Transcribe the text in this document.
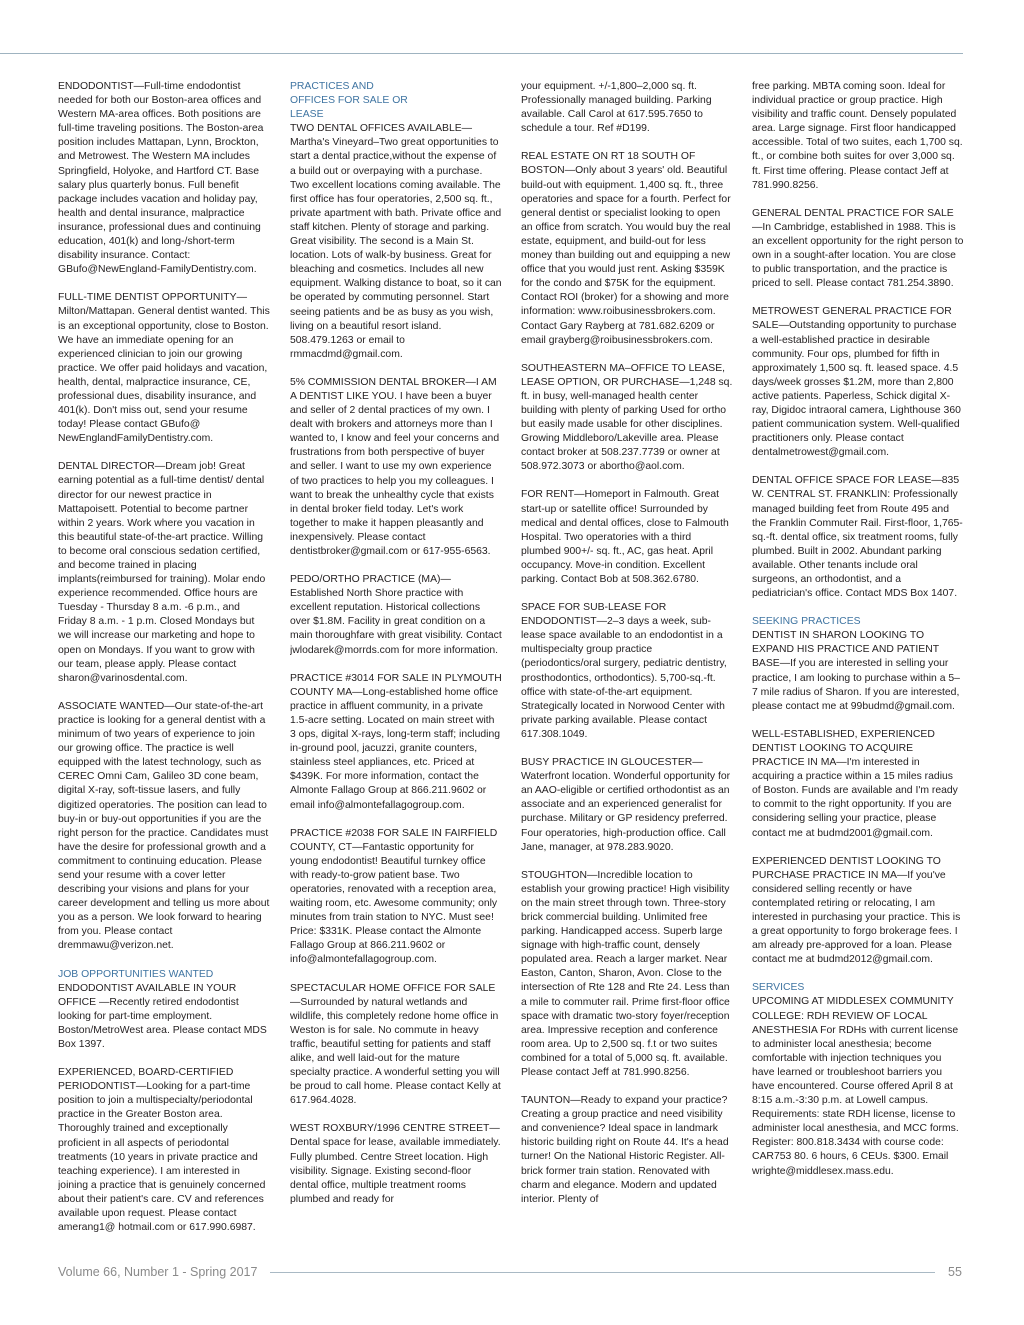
ENDODONTIST—Full-time endodontist needed for both our Boston-area offices and Western MA-area offices. Both positions are full-time traveling positions. The Boston-area position includes Mattapan, Lynn, Brockton, and Metrowest. The Western MA includes Springfield, Holyoke, and Hartford CT. Base salary plus quarterly bonus. Full benefit package includes vacation and holiday pay, health and dental insurance, malpractice insurance, professional dues and continuing education, 401(k) and long-/short-term disability insurance. Contact: GBufo@NewEngland-FamilyDentistry.com.

FULL-TIME DENTIST OPPORTUNITY—Milton/Mattapan. General dentist wanted. This is an exceptional opportunity, close to Boston. We have an immediate opening for an experienced clinician to join our growing practice. We offer paid holidays and vacation, health, dental, malpractice insurance, CE, professional dues, disability insurance, and 401(k). Don't miss out, send your resume today! Please contact GBufo@ NewEnglandFamilyDentistry.com.

DENTAL DIRECTOR—Dream job! Great earning potential as a full-time dentist/ dental director for our newest practice in Mattapoisett. Potential to become partner within 2 years. Work where you vacation in this beautiful state-of-the-art practice. Willing to become oral conscious sedation certified, and become trained in placing implants(reimbursed for training). Molar endo experience recommended. Office hours are Tuesday - Thursday 8 a.m. -6 p.m., and Friday 8 a.m. - 1 p.m. Closed Mondays but we will increase our marketing and hope to open on Mondays. If you want to grow with our team, please apply. Please contact sharon@varinosdental.com.

ASSOCIATE WANTED—Our state-of-the-art practice is looking for a general dentist with a minimum of two years of experience to join our growing office. The practice is well equipped with the latest technology, such as CEREC Omni Cam, Galileo 3D cone beam, digital X-ray, soft-tissue lasers, and fully digitized operatories. The position can lead to buy-in or buy-out opportunities if you are the right person for the practice. Candidates must have the desire for professional growth and a commitment to continuing education. Please send your resume with a cover letter describing your visions and plans for your career development and telling us more about you as a person. We look forward to hearing from you. Please contact dremmawu@verizon.net.

JOB OPPORTUNITIES WANTED

ENDODONTIST AVAILABLE IN YOUR OFFICE —Recently retired endodontist looking for part-time employment. Boston/MetroWest area. Please contact MDS Box 1397.

EXPERIENCED, BOARD-CERTIFIED PERIODONTIST—Looking for a part-time position to join a multispecialty/periodontal practice in the Greater Boston area. Thoroughly trained and exceptionally proficient in all aspects of periodontal treatments (10 years in private practice and teaching experience). I am interested in joining a practice that is genuinely concerned about their patient's care. CV and references available upon request. Please contact amerang1@ hotmail.com or 617.990.6987.

PRACTICES AND OFFICES FOR SALE OR LEASE

TWO DENTAL OFFICES AVAILABLE—Martha's Vineyard–Two great opportunities to start a dental practice,without the expense of a build out or overpaying with a purchase. Two excellent locations coming available. The first office has four operatories, 2,500 sq. ft., private apartment with bath. Private office and staff kitchen. Plenty of storage and parking. Great visibility. The second is a Main St. location. Lots of walk-by business. Great for bleaching and cosmetics. Includes all new equipment. Walking distance to boat, so it can be operated by commuting personnel. Start seeing patients and be as busy as you wish, living on a beautiful resort island. 508.479.1263 or email to rmmacdmd@gmail.com.

5% COMMISSION DENTAL BROKER—I AM A DENTIST LIKE YOU. I have been a buyer and seller of 2 dental practices of my own. I dealt with brokers and attorneys more than I wanted to, I know and feel your concerns and frustrations from both perspective of buyer and seller. I want to use my own experience of two practices to help you my colleagues. I want to break the unhealthy cycle that exists in dental broker field today. Let's work together to make it happen pleasantly and inexpensively. Please contact dentistbroker@gmail.com or 617-955-6563.

PEDO/ORTHO PRACTICE (MA)—Established North Shore practice with excellent reputation. Historical collections over $1.8M. Facility in great condition on a main thoroughfare with great visibility. Contact jwlodarek@morrds.com for more information.

PRACTICE #3014 FOR SALE IN PLYMOUTH COUNTY MA—Long-established home office practice in affluent community, in a private 1.5-acre setting. Located on main street with 3 ops, digital X-rays, long-term staff; including in-ground pool, jacuzzi, granite counters, stainless steel appliances, etc. Priced at $439K. For more information, contact the Almonte Fallago Group at 866.211.9602 or email info@almontefallagogroup.com.

PRACTICE #2038 FOR SALE IN FAIRFIELD COUNTY, CT—Fantastic opportunity for young endodontist! Beautiful turnkey office with ready-to-grow patient base. Two operatories, renovated with a reception area, waiting room, etc. Awesome community; only minutes from train station to NYC. Must see! Price: $331K. Please contact the Almonte Fallago Group at 866.211.9602 or info@almontefallagogroup.com.

SPECTACULAR HOME OFFICE FOR SALE—Surrounded by natural wetlands and wildlife, this completely redone home office in Weston is for sale. No commute in heavy traffic, beautiful setting for patients and staff alike, and well laid-out for the mature specialty practice. A wonderful setting you will be proud to call home. Please contact Kelly at 617.964.4028.

WEST ROXBURY/1996 CENTRE STREET—Dental space for lease, available immediately. Fully plumbed. Centre Street location. High visibility. Signage. Existing second-floor dental office, multiple treatment rooms plumbed and ready for

your equipment. +/-1,800–2,000 sq. ft. Professionally managed building. Parking available. Call Carol at 617.595.7650 to schedule a tour. Ref #D199.

REAL ESTATE ON RT 18 SOUTH OF BOSTON—Only about 3 years' old. Beautiful build-out with equipment. 1,400 sq. ft., three operatories and space for a fourth. Perfect for general dentist or specialist looking to open an office from scratch. You would buy the real estate, equipment, and build-out for less money than building out and equipping a new office that you would just rent. Asking $359K for the condo and $75K for the equipment. Contact ROI (broker) for a showing and more information: www.roibusinessbrokers.com. Contact Gary Rayberg at 781.682.6209 or email grayberg@roibusinessbrokers.com.

SOUTHEASTERN MA–OFFICE TO LEASE, LEASE OPTION, OR PURCHASE—1,248 sq. ft. in busy, well-managed health center building with plenty of parking Used for ortho but easily made usable for other disciplines. Growing Middleboro/Lakeville area. Please contact broker at 508.237.7739 or owner at 508.972.3073 or abortho@aol.com.

FOR RENT—Homeport in Falmouth. Great start-up or satellite office! Surrounded by medical and dental offices, close to Falmouth Hospital. Two operatories with a third plumbed 900+/- sq. ft., AC, gas heat. April occupancy. Move-in condition. Excellent parking. Contact Bob at 508.362.6780.

SPACE FOR SUB-LEASE FOR ENDODONTIST—2–3 days a week, sub-lease space available to an endodontist in a multispecialty group practice (periodontics/oral surgery, pediatric dentistry, prosthodontics, orthodontics). 5,700-sq.-ft. office with state-of-the-art equipment. Strategically located in Norwood Center with private parking available. Please contact 617.308.1049.

BUSY PRACTICE IN GLOUCESTER—Waterfront location. Wonderful opportunity for an AAO-eligible or certified orthodontist as an associate and an experienced generalist for purchase. Military or GP residency preferred. Four operatories, high-production office. Call Jane, manager, at 978.283.9020.

STOUGHTON—Incredible location to establish your growing practice! High visibility on the main street through town. Three-story brick commercial building. Unlimited free parking. Handicapped access. Superb large signage with high-traffic count, densely populated area. Reach a larger market. Near Easton, Canton, Sharon, Avon. Close to the intersection of Rte 128 and Rte 24. Less than a mile to commuter rail. Prime first-floor office space with dramatic two-story foyer/reception area. Impressive reception and conference room area. Up to 2,500 sq. f.t or two suites combined for a total of 5,000 sq. ft. available. Please contact Jeff at 781.990.8256.

TAUNTON—Ready to expand your practice? Creating a group practice and need visibility and convenience? Ideal space in landmark historic building right on Route 44. It's a head turner! On the National Historic Register. All-brick former train station. Renovated with charm and elegance. Modern and updated interior. Plenty of

free parking. MBTA coming soon. Ideal for individual practice or group practice. High visibility and traffic count. Densely populated area. Large signage. First floor handicapped accessible. Total of two suites, each 1,700 sq. ft., or combine both suites for over 3,000 sq. ft. First time offering. Please contact Jeff at 781.990.8256.

GENERAL DENTAL PRACTICE FOR SALE—In Cambridge, established in 1988. This is an excellent opportunity for the right person to own in a sought-after location. You are close to public transportation, and the practice is priced to sell. Please contact 781.254.3890.

METROWEST GENERAL PRACTICE FOR SALE—Outstanding opportunity to purchase a well-established practice in desirable community. Four ops, plumbed for fifth in approximately 1,500 sq. ft. leased space. 4.5 days/week grosses $1.2M, more than 2,800 active patients. Paperless, Schick digital X-ray, Digidoc intraoral camera, Lighthouse 360 patient communication system. Well-qualified practitioners only. Please contact dentalmetrowest@gmail.com.

DENTAL OFFICE SPACE FOR LEASE—835 W. CENTRAL ST. FRANKLIN: Professionally managed building feet from Route 495 and the Franklin Commuter Rail. First-floor, 1,765-sq.-ft. dental office, six treatment rooms, fully plumbed. Built in 2002. Abundant parking available. Other tenants include oral surgeons, an orthodontist, and a pediatrician's office. Contact MDS Box 1407.

SEEKING PRACTICES

DENTIST IN SHARON LOOKING TO EXPAND HIS PRACTICE AND PATIENT BASE—If you are interested in selling your practice, I am looking to purchase within a 5–7 mile radius of Sharon. If you are interested, please contact me at 99budmd@gmail.com.

WELL-ESTABLISHED, EXPERIENCED DENTIST LOOKING TO ACQUIRE PRACTICE IN MA—I'm interested in acquiring a practice within a 15 miles radius of Boston. Funds are available and I'm ready to commit to the right opportunity. If you are considering selling your practice, please contact me at budmd2001@gmail.com.

EXPERIENCED DENTIST LOOKING TO PURCHASE PRACTICE IN MA—If you've considered selling recently or have contemplated retiring or relocating, I am interested in purchasing your practice. This is a great opportunity to forgo brokerage fees. I am already pre-approved for a loan. Please contact me at budmd2012@gmail.com.

SERVICES

UPCOMING AT MIDDLESEX COMMUNITY COLLEGE: RDH REVIEW OF LOCAL ANESTHESIA For RDHs with current license to administer local anesthesia; become comfortable with injection techniques you have learned or troubleshoot barriers you have encountered. Course offered April 8 at 8:15 a.m.-3:30 p.m. at Lowell campus. Requirements: state RDH license, license to administer local anesthesia, and MCC forms. Register: 800.818.3434 with course code: CAR753 80. 6 hours, 6 CEUs. $300. Email wrighte@middlesex.mass.edu.

Volume 66, Number 1 - Spring 2017	55
